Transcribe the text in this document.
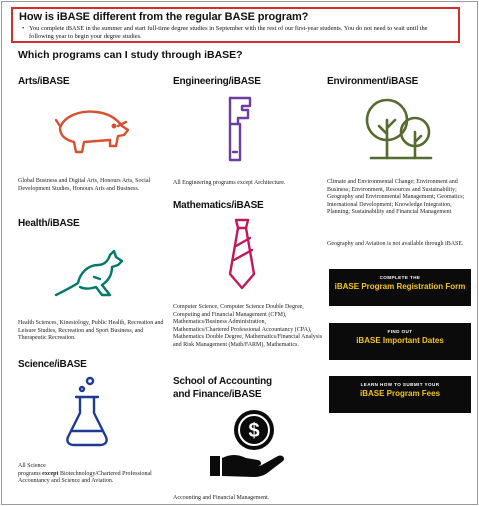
How is iBASE different from the regular BASE program?

• You complete iBASE in the summer and start full-time degree studies in September with the rest of our first-year students. You do not need to wait until the following year to begin your degree studies.

Which programs can I study through iBASE?
Arts/iBASE

Global Business and Digital Arts, Honours Arts, Social Development Studies, Honours Arts and Business.

Health/iBASE

Health Sciences, Kinesiology, Public Health, Recreation and Leisure Studies, Recreation and Sport Business, and Therapeutic Recreation.

Science/iBASE

All Science
programs except Biotechnology/Chartered Professional Accountancy and Science and Aviation.

Engineering/iBASE

All Engineering programs except Architecture.

Mathematics/iBASE

Computer Science, Computer Science Double Degree, Computing and Financial Management (CFM), Mathematics/Business Administration, Mathematics/Chartered Professional Accountancy (CPA), Mathematics Double Degree, Mathematics/Financial Analysis and Risk Management (Math/FARM), Mathematics.

School of Accounting
and Finance/iBASE
$

Accounting and Financial Management.

Environment/iBASE

Climate and Environmental Change; Environment and Business; Environment, Resources and Sustainability; Geography and Environmental Management; Geomatics; International Development; Knowledge Integration, Planning; Sustainability and Financial Management

Geography and Aviation is not available through iBASE.

COMPLETE THE
iBASE Program Registration Form
FIND OUT
iBASE Important Dates
LEARN HOW TO SUBMIT YOUR
iBASE Program Fees
